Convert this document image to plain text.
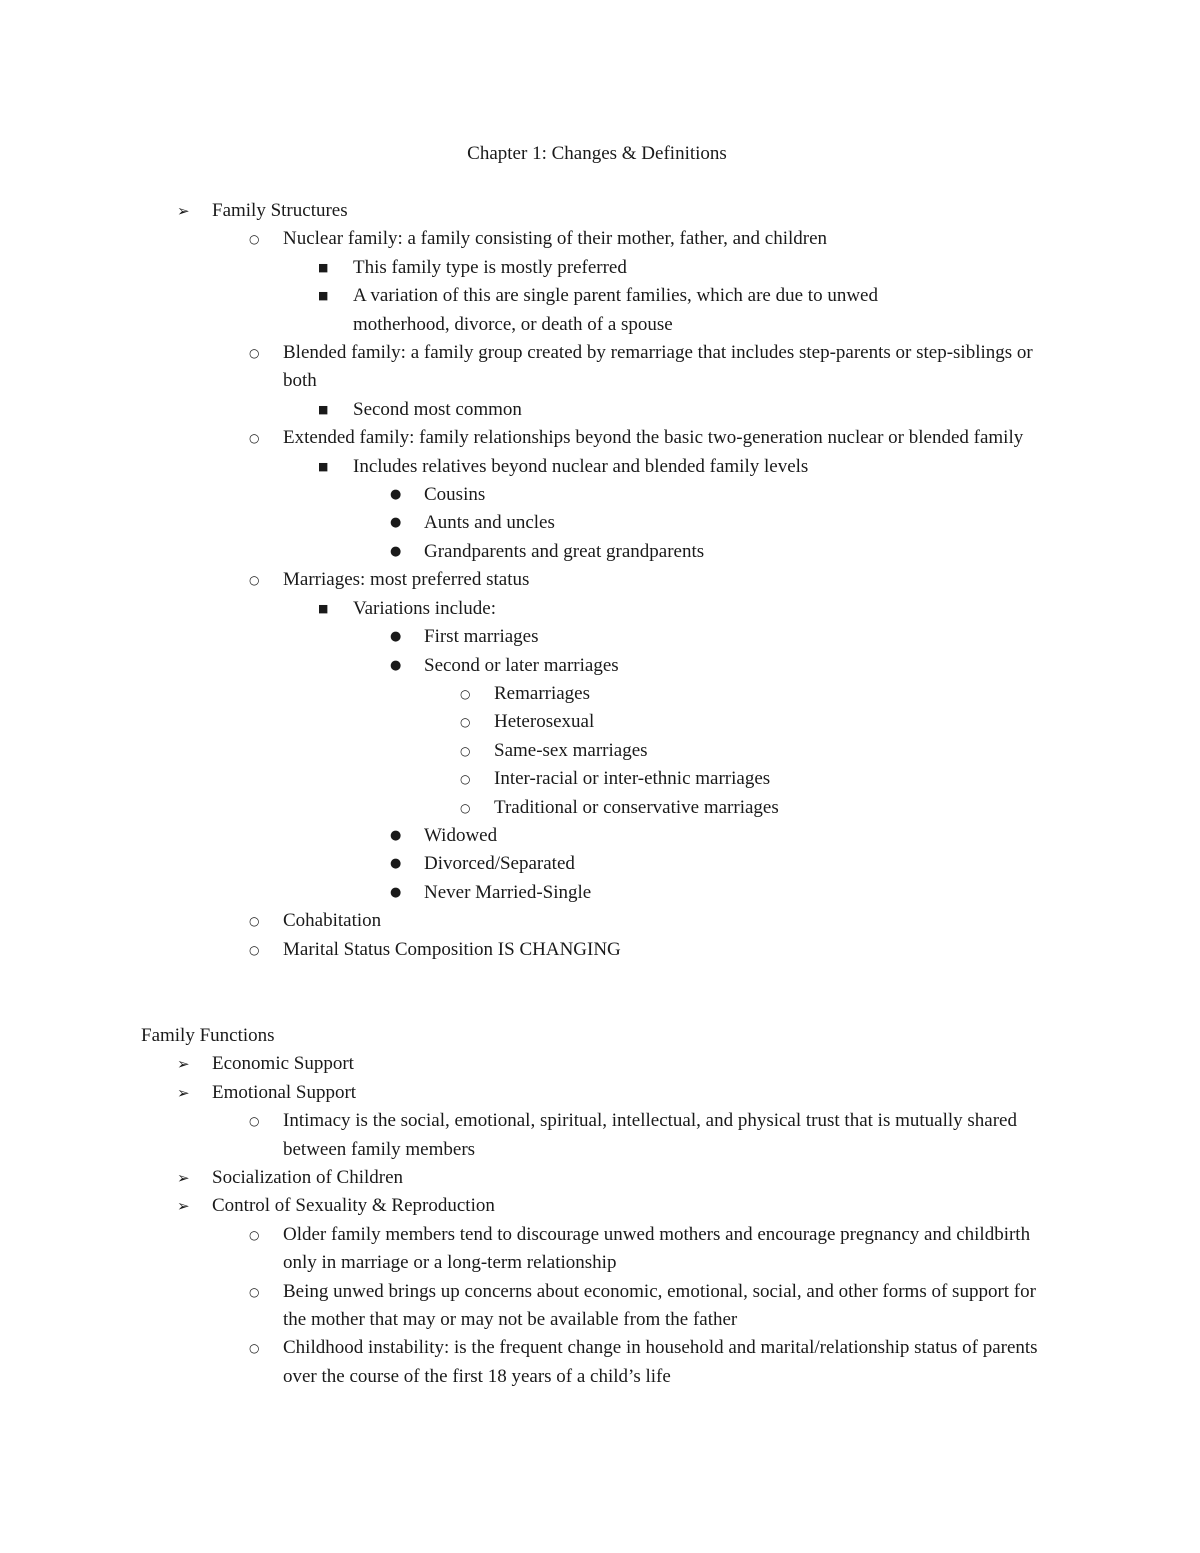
Chapter 1: Changes & Definitions
➢	Family Structures
○	Nuclear family: a family consisting of their mother, father, and children
■	This family type is mostly preferred
■	A variation of this are single parent families, which are due to unwed motherhood, divorce, or death of a spouse
○	Blended family: a family group created by remarriage that includes step-parents or step-siblings or both
■	Second most common
○	Extended family: family relationships beyond the basic two-generation nuclear or blended family
■	Includes relatives beyond nuclear and blended family levels
●	Cousins
●	Aunts and uncles
●	Grandparents and great grandparents
○	Marriages: most preferred status
■	Variations include:
●	First marriages
●	Second or later marriages
○	Remarriages
○	Heterosexual
○	Same-sex marriages
○	Inter-racial or inter-ethnic marriages
○	Traditional or conservative marriages
●	Widowed
●	Divorced/Separated
●	Never Married-Single
○	Cohabitation
○	Marital Status Composition IS CHANGING
Family Functions
➢	Economic Support
➢	Emotional Support
○	Intimacy is the social, emotional, spiritual, intellectual, and physical trust that is mutually shared between family members
➢	Socialization of Children
➢	Control of Sexuality & Reproduction
○	Older family members tend to discourage unwed mothers and encourage pregnancy and childbirth only in marriage or a long-term relationship
○	Being unwed brings up concerns about economic, emotional, social, and other forms of support for the mother that may or may not be available from the father
○	Childhood instability: is the frequent change in household and marital/relationship status of parents over the course of the first 18 years of a child’s life
